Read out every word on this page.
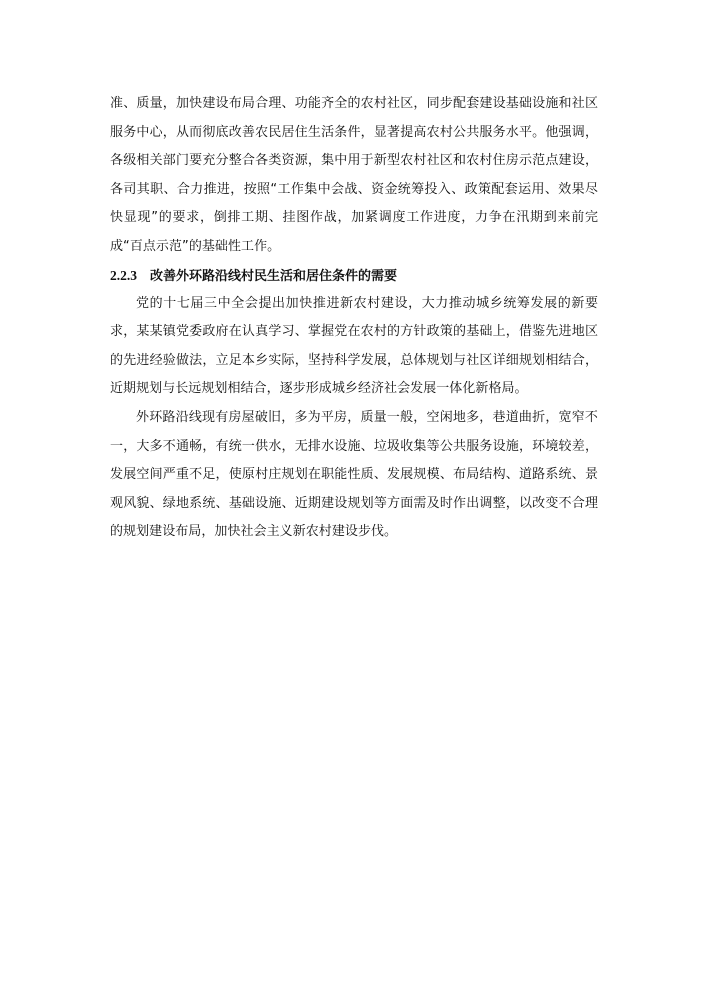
准、质量，加快建设布局合理、功能齐全的农村社区，同步配套建设基础设施和社区服务中心，从而彻底改善农民居住生活条件，显著提高农村公共服务水平。他强调，各级相关部门要充分整合各类资源，集中用于新型农村社区和农村住房示范点建设，各司其职、合力推进，按照“工作集中会战、资金统筹投入、政策配套运用、效果尽快显现”的要求，倒排工期、挂图作战，加紧调度工作进度，力争在汛期到来前完成“百点示范”的基础性工作。

2.2.3 改善外环路沿线村民生活和居住条件的需要

党的十七届三中全会提出加快推进新农村建设，大力推动城乡统筹发展的新要求，某某镇党委政府在认真学习、掌握党在农村的方针政策的基础上，借鉴先进地区的先进经验做法，立足本乡实际，坚持科学发展，总体规划与社区详细规划相结合，近期规划与长远规划相结合，逐步形成城乡经济社会发展一体化新格局。

外环路沿线现有房屋破旧，多为平房，质量一般，空闲地多，巷道曲折，宽窄不一，大多不通畅，有统一供水，无排水设施、垃圾收集等公共服务设施，环境较差，发展空间严重不足，使原村庄规划在职能性质、发展规模、布局结构、道路系统、景观风貌、绿地系统、基础设施、近期建设规划等方面需及时作出调整，以改变不合理的规划建设布局，加快社会主义新农村建设步伐。
